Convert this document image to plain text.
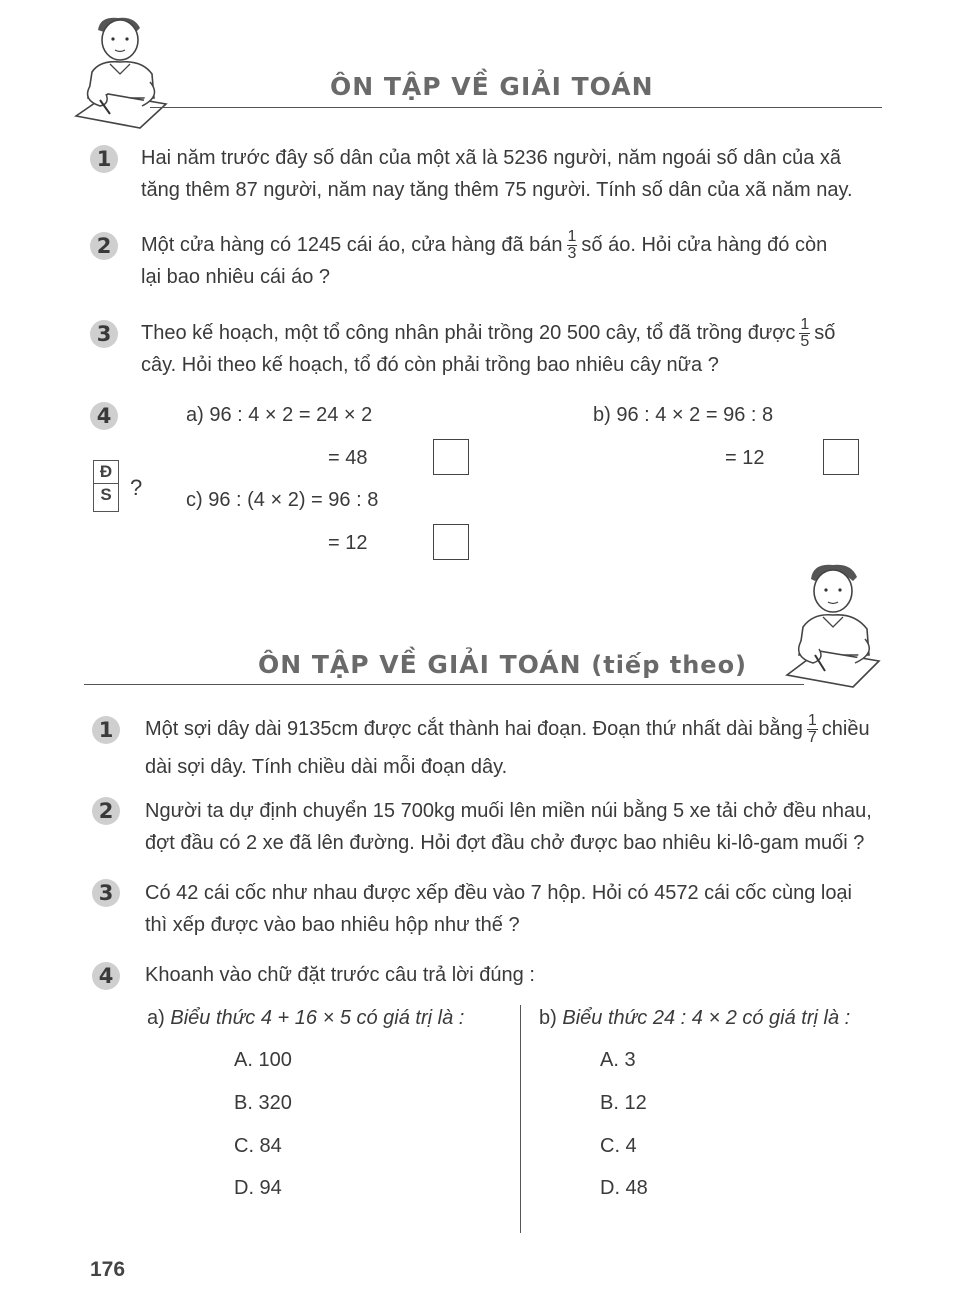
ÔN TẬP VỀ GIẢI TOÁN
1	Hai năm trước đây số dân của một xã là 5236 người, năm ngoái số dân của xã
tăng thêm 87 người, năm nay tăng thêm 75 người. Tính số dân của xã năm nay.
2	Một cửa hàng có 1245 cái áo, cửa hàng đã bán $\frac{1}{3}$ số áo. Hỏi cửa hàng đó còn
lại bao nhiêu cái áo ?
3	Theo kế hoạch, một tổ công nhân phải trồng 20 500 cây, tổ đã trồng được $\frac{1}{5}$ số
cây. Hỏi theo kế hoạch, tổ đó còn phải trồng bao nhiêu cây nữa ?
4
Đ
S ?
a) 96 : 4 × 2 = 24 × 2
= 48
b) 96 : 4 × 2 = 96 : 8
= 12
c) 96 : (4 × 2) = 96 : 8
= 12
ÔN TẬP VỀ GIẢI TOÁN (tiếp theo)
1	Một sợi dây dài 9135cm được cắt thành hai đoạn. Đoạn thứ nhất dài bằng $\frac{1}{7}$ chiều
dài sợi dây. Tính chiều dài mỗi đoạn dây.
2	Người ta dự định chuyển 15 700kg muối lên miền núi bằng 5 xe tải chở đều nhau,
đợt đầu có 2 xe đã lên đường. Hỏi đợt đầu chở được bao nhiêu ki-lô-gam muối ?
3	Có 42 cái cốc như nhau được xếp đều vào 7 hộp. Hỏi có 4572 cái cốc cùng loại
thì xếp được vào bao nhiêu hộp như thế ?
4	Khoanh vào chữ đặt trước câu trả lời đúng :
a) Biểu thức 4 + 16 × 5 có giá trị là :
A. 100
B. 320
C. 84
D. 94
b) Biểu thức 24 : 4 × 2 có giá trị là :
A. 3
B. 12
C. 4
D. 48
176
